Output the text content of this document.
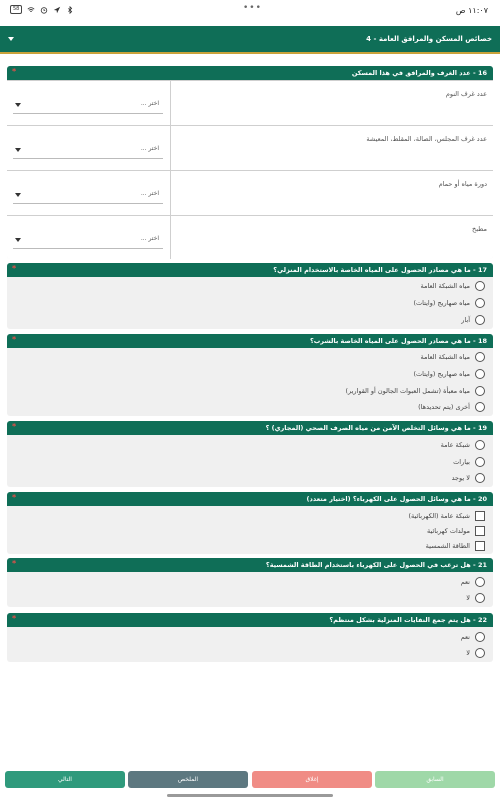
58	•••	١١:٠٧ ص
4 - خصائص المسكن والمرافق العامة
*	16 - عدد الغرف والمرافق في هذا المسكن
عدد غرف النوم
اختر ...
عدد غرف المجلس، الصالة، المقلط، المعيشة
اختر ...
دورة مياه أو حمام
اختر ...
مطبخ
اختر ...
*	17 - ما هي مصادر الحصول على المياه الخاصة بالاستخدام المنزلي؟
مياه الشبكة العامة
مياه صهاريج (وايتات)
آبار
*	18 - ما هي مصادر الحصول على المياه الخاصة بالشرب؟
مياه الشبكة العامة
مياه صهاريج (وايتات)
مياه معبأة (تشمل العبوات الجالون أو القوارير)
أخرى (يتم تحديدها)
*	19 - ما هي وسائل التخلص الآمن من مياه الصرف الصحي (المجاري) ؟
شبكة عامة
بيارات
لا يوجد
*	20 - ما هي وسائل الحصول على الكهرباء؟ (اختيار متعدد)
شبكة عامة (الكهربائية)
مولدات كهربائية
الطاقة الشمسية
*	21 - هل ترغب في الحصول على الكهرباء باستخدام الطاقة الشمسية؟
نعم
لا
*	22 - هل يتم جمع النفايات المنزلية بشكل منتظم؟
نعم
لا
التالي	الملخص	إغلاق	السابق
